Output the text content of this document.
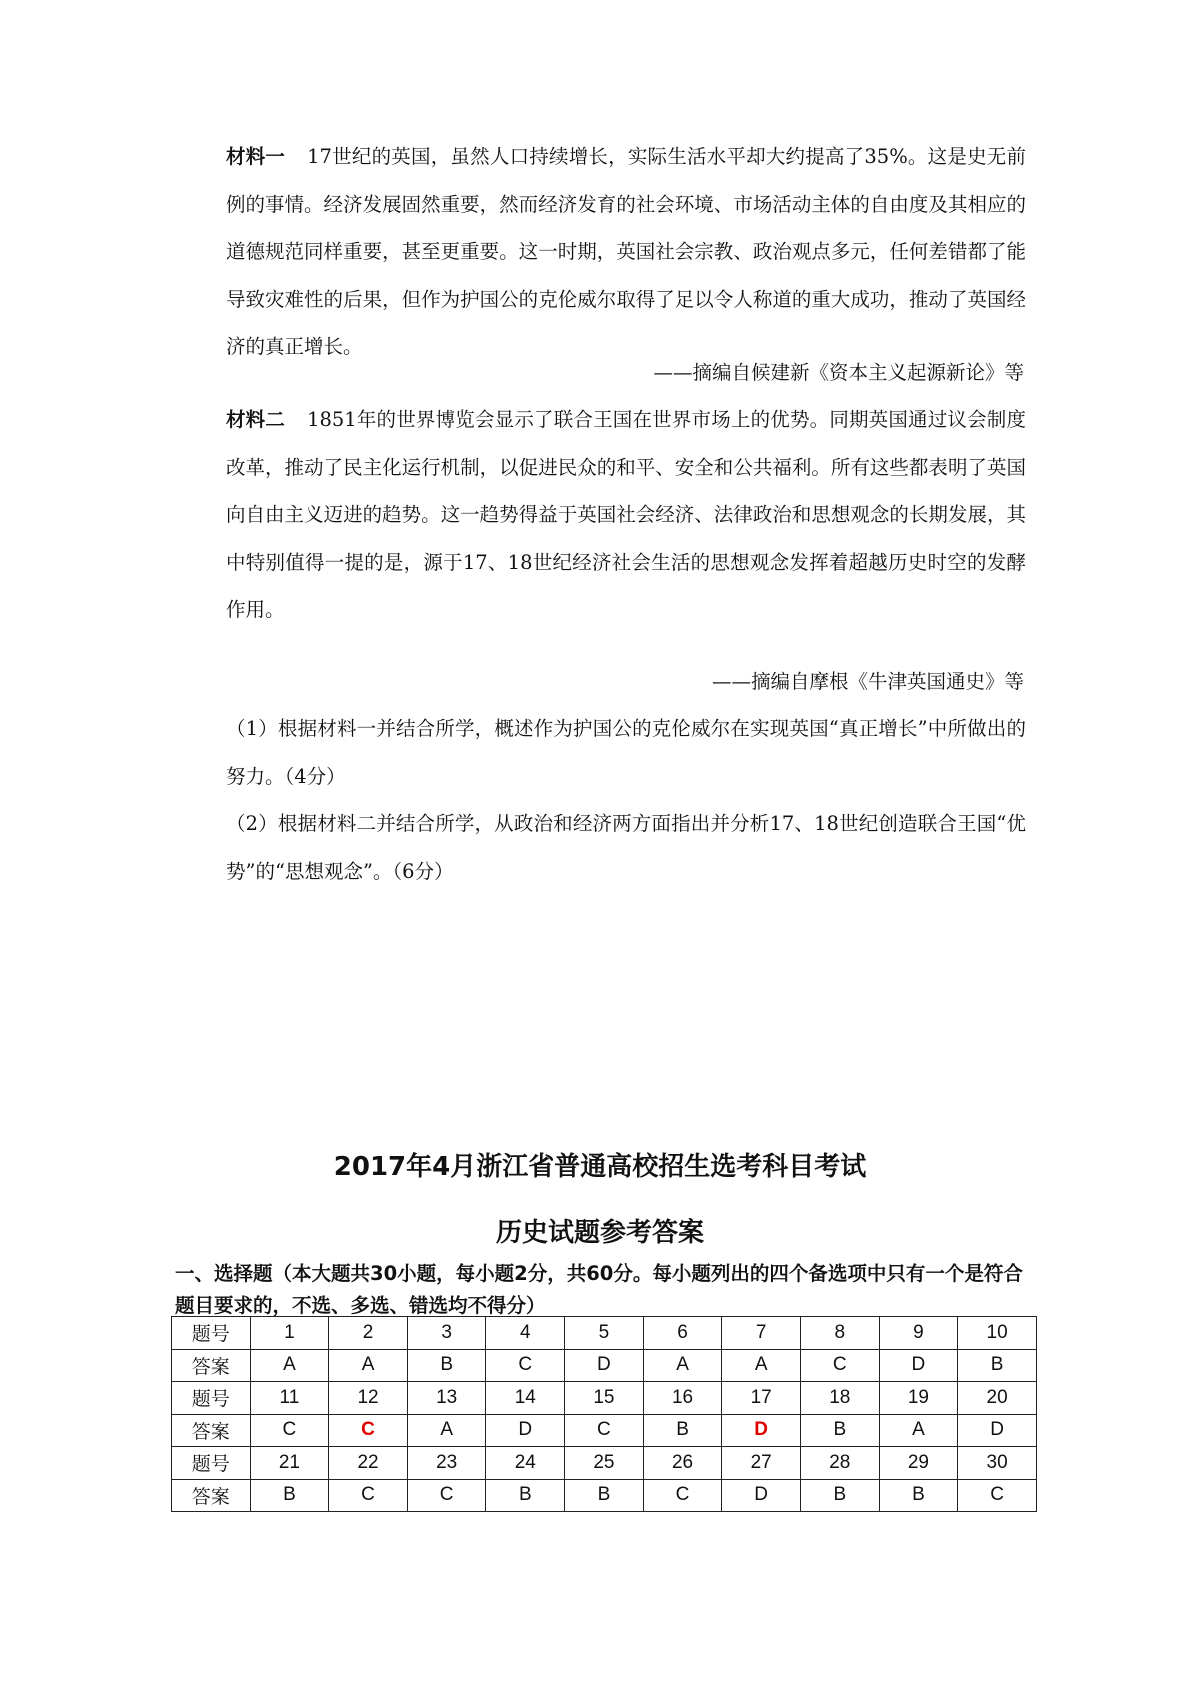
材料一 17世纪的英国，虽然人口持续增长，实际生活水平却大约提高了35%。这是史无前例的事情。经济发展固然重要，然而经济发育的社会环境、市场活动主体的自由度及其相应的道德规范同样重要，甚至更重要。这一时期，英国社会宗教、政治观点多元，任何差错都了能导致灾难性的后果，但作为护国公的克伦威尔取得了足以令人称道的重大成功，推动了英国经济的真正增长。

——摘编自候建新《资本主义起源新论》等

材料二 1851年的世界博览会显示了联合王国在世界市场上的优势。同期英国通过议会制度改革，推动了民主化运行机制，以促进民众的和平、安全和公共福利。所有这些都表明了英国向自由主义迈进的趋势。这一趋势得益于英国社会经济、法律政治和思想观念的长期发展，其中特别值得一提的是，源于17、18世纪经济社会生活的思想观念发挥着超越历史时空的发酵作用。

——摘编自摩根《牛津英国通史》等

（1）根据材料一并结合所学，概述作为护国公的克伦威尔在实现英国“真正增长”中所做出的努力。（4分）

（2）根据材料二并结合所学，从政治和经济两方面指出并分析17、18世纪创造联合王国“优势”的“思想观念”。（6分）

2017年4月浙江省普通高校招生选考科目考试

历史试题参考答案

一、选择题（本大题共30小题，每小题2分，共60分。每小题列出的四个备选项中只有一个是符合题目要求的，不选、多选、错选均不得分）

题号	1	2	3	4	5	6	7	8	9	10
答案	A	A	B	C	D	A	A	C	D	B
题号	11	12	13	14	15	16	17	18	19	20
答案	C	C	A	D	C	B	D	B	A	D
题号	21	22	23	24	25	26	27	28	29	30
答案	B	C	C	B	B	C	D	B	B	C
